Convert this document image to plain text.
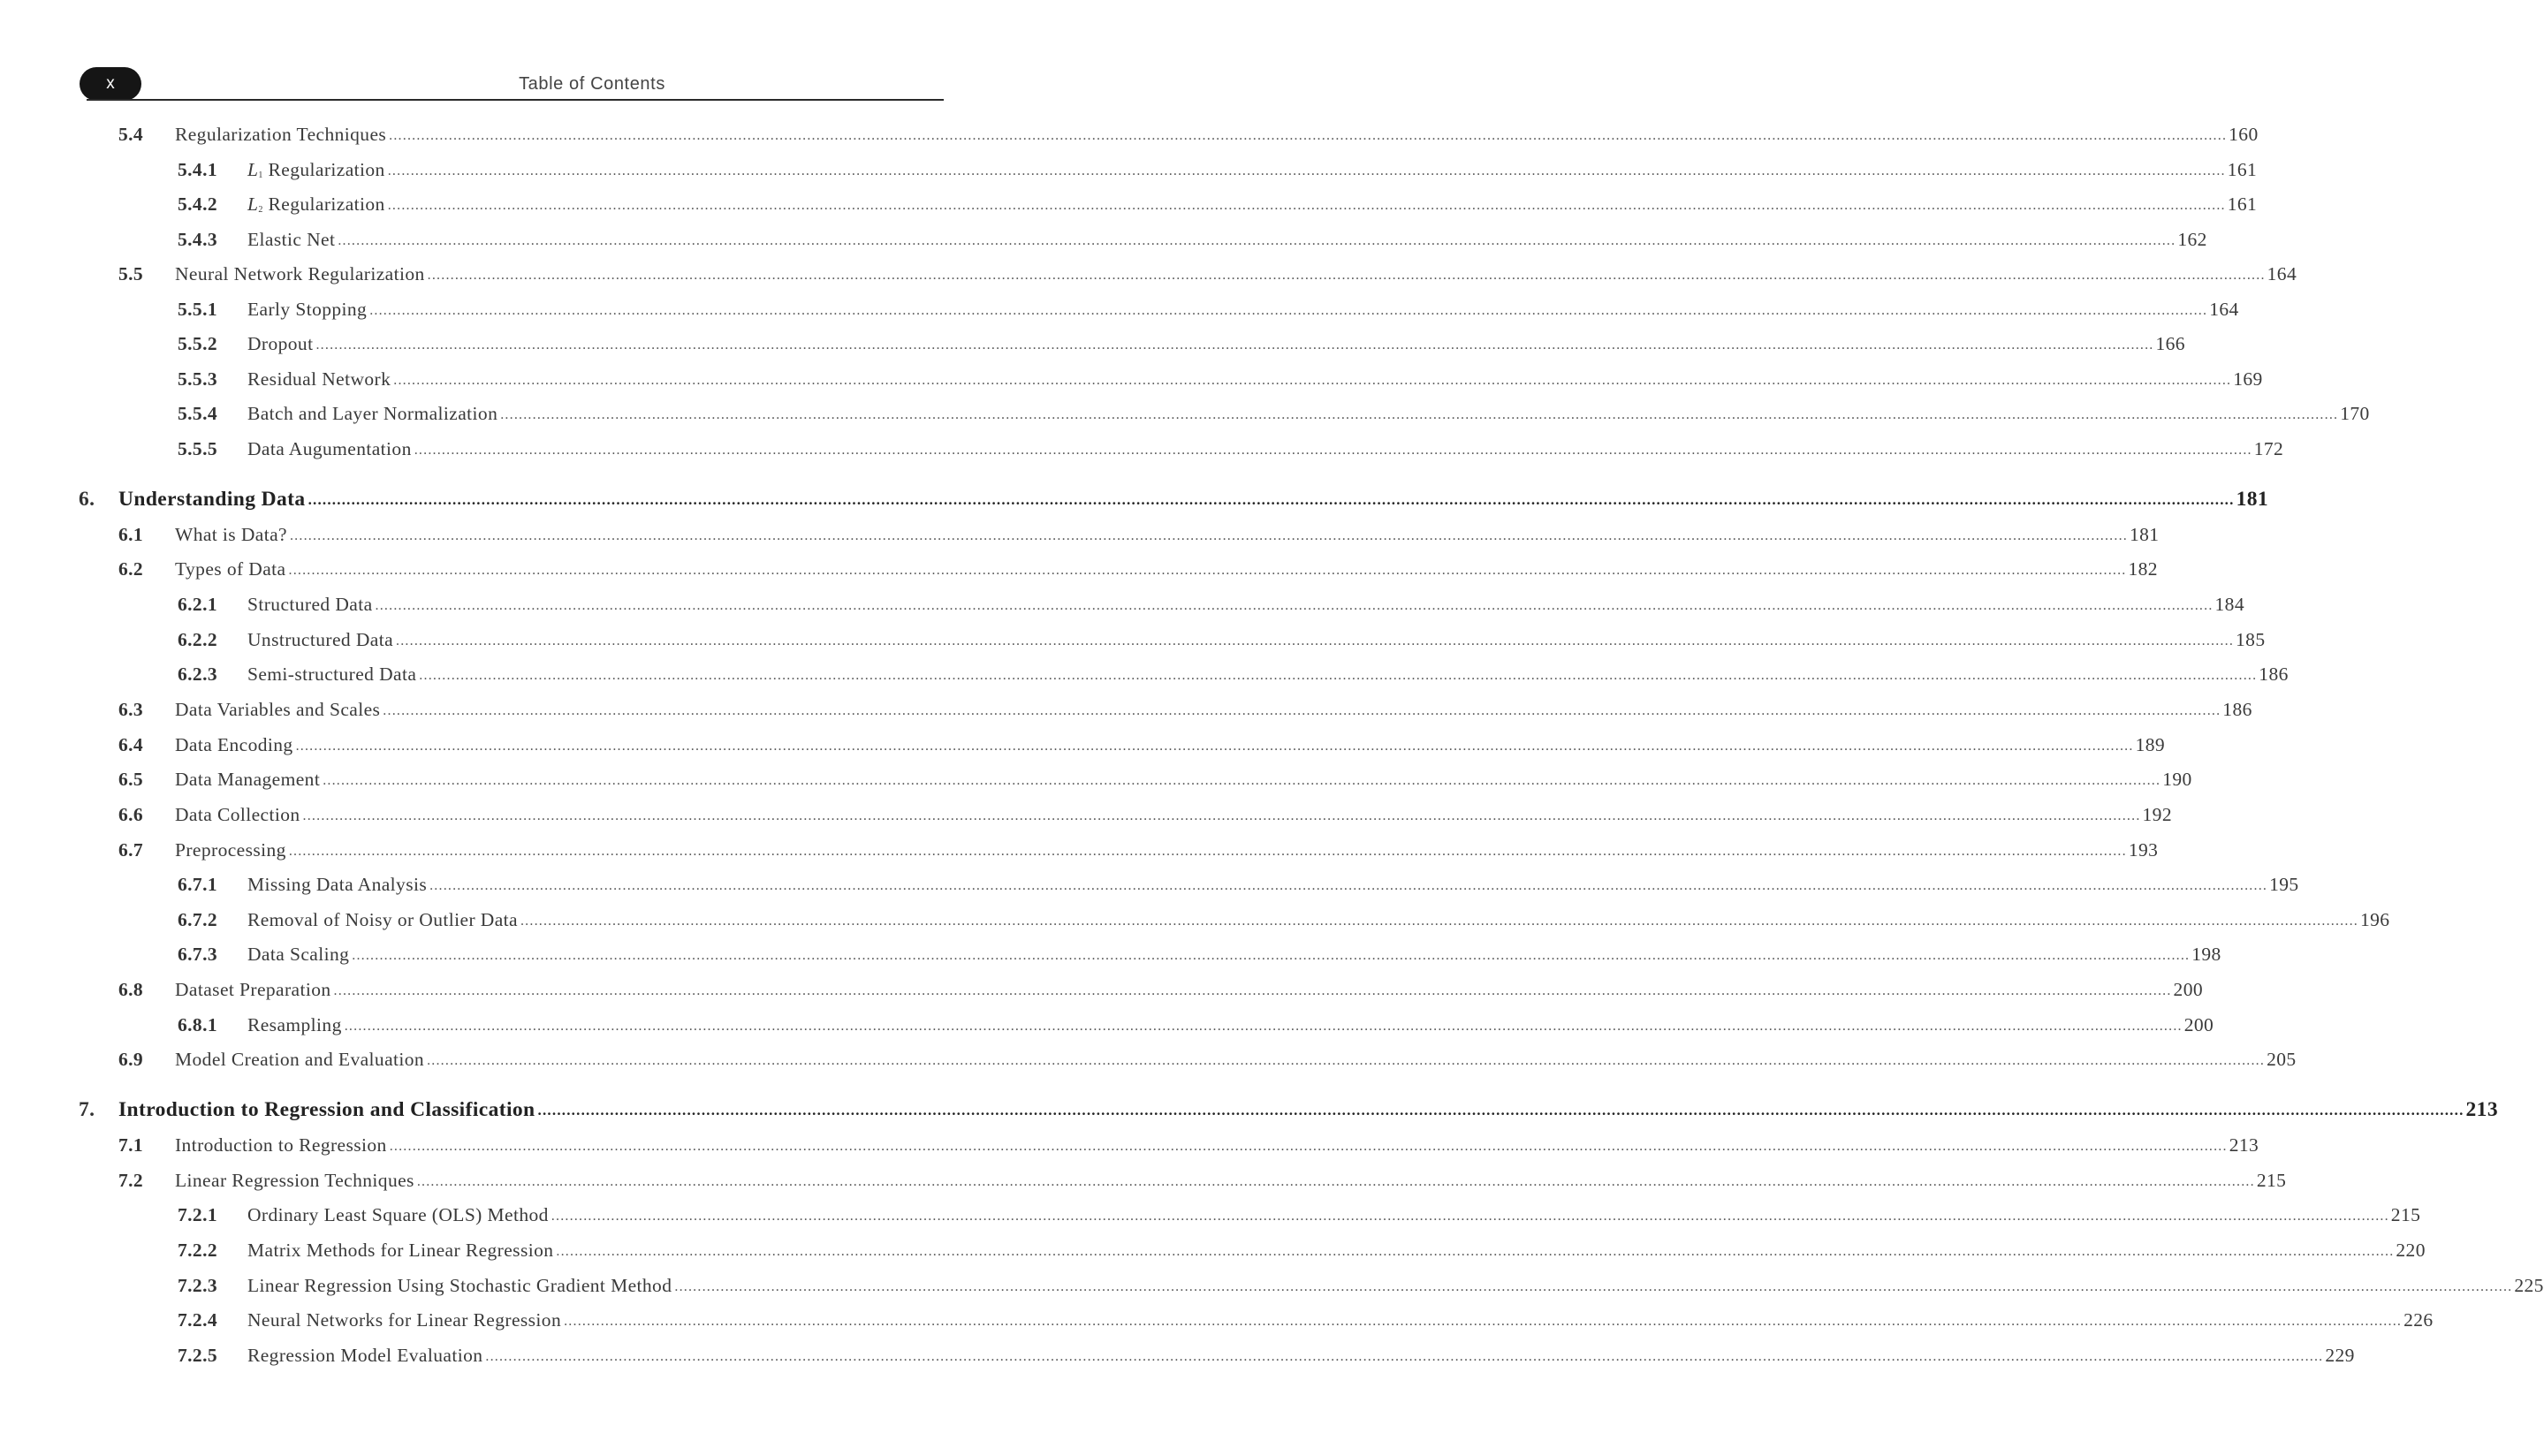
x	Table of Contents
5.4 Regularization Techniques ................................................................................................................................................................................................................................................................................................................................................................................................................ 160
5.4.1 $L_1$ Regularization ................................................................................................................................................................................................................................................................................................................................................................................................................ 161
5.4.2 $L_2$ Regularization ................................................................................................................................................................................................................................................................................................................................................................................................................ 161
5.4.3 Elastic Net ................................................................................................................................................................................................................................................................................................................................................................................................................ 162
5.5 Neural Network Regularization ................................................................................................................................................................................................................................................................................................................................................................................................................ 164
5.5.1 Early Stopping ................................................................................................................................................................................................................................................................................................................................................................................................................ 164
5.5.2 Dropout ................................................................................................................................................................................................................................................................................................................................................................................................................ 166
5.5.3 Residual Network ................................................................................................................................................................................................................................................................................................................................................................................................................ 169
5.5.4 Batch and Layer Normalization ................................................................................................................................................................................................................................................................................................................................................................................................................ 170
5.5.5 Data Augumentation ................................................................................................................................................................................................................................................................................................................................................................................................................ 172
6. Understanding Data ................................................................................................................................................................................................................................................................................................................................................................................................................ 181
6.1 What is Data? ................................................................................................................................................................................................................................................................................................................................................................................................................ 181
6.2 Types of Data ................................................................................................................................................................................................................................................................................................................................................................................................................ 182
6.2.1 Structured Data ................................................................................................................................................................................................................................................................................................................................................................................................................ 184
6.2.2 Unstructured Data ................................................................................................................................................................................................................................................................................................................................................................................................................ 185
6.2.3 Semi-structured Data ................................................................................................................................................................................................................................................................................................................................................................................................................ 186
6.3 Data Variables and Scales ................................................................................................................................................................................................................................................................................................................................................................................................................ 186
6.4 Data Encoding ................................................................................................................................................................................................................................................................................................................................................................................................................ 189
6.5 Data Management ................................................................................................................................................................................................................................................................................................................................................................................................................ 190
6.6 Data Collection ................................................................................................................................................................................................................................................................................................................................................................................................................ 192
6.7 Preprocessing ................................................................................................................................................................................................................................................................................................................................................................................................................ 193
6.7.1 Missing Data Analysis ................................................................................................................................................................................................................................................................................................................................................................................................................ 195
6.7.2 Removal of Noisy or Outlier Data ................................................................................................................................................................................................................................................................................................................................................................................................................ 196
6.7.3 Data Scaling ................................................................................................................................................................................................................................................................................................................................................................................................................ 198
6.8 Dataset Preparation ................................................................................................................................................................................................................................................................................................................................................................................................................ 200
6.8.1 Resampling ................................................................................................................................................................................................................................................................................................................................................................................................................ 200
6.9 Model Creation and Evaluation ................................................................................................................................................................................................................................................................................................................................................................................................................ 205
7. Introduction to Regression and Classification ................................................................................................................................................................................................................................................................................................................................................................................................................ 213
7.1 Introduction to Regression ................................................................................................................................................................................................................................................................................................................................................................................................................ 213
7.2 Linear Regression Techniques ................................................................................................................................................................................................................................................................................................................................................................................................................ 215
7.2.1 Ordinary Least Square (OLS) Method ................................................................................................................................................................................................................................................................................................................................................................................................................ 215
7.2.2 Matrix Methods for Linear Regression ................................................................................................................................................................................................................................................................................................................................................................................................................ 220
7.2.3 Linear Regression Using Stochastic Gradient Method ................................................................................................................................................................................................................................................................................................................................................................................................................ 225
7.2.4 Neural Networks for Linear Regression ................................................................................................................................................................................................................................................................................................................................................................................................................ 226
7.2.5 Regression Model Evaluation ................................................................................................................................................................................................................................................................................................................................................................................................................ 229
